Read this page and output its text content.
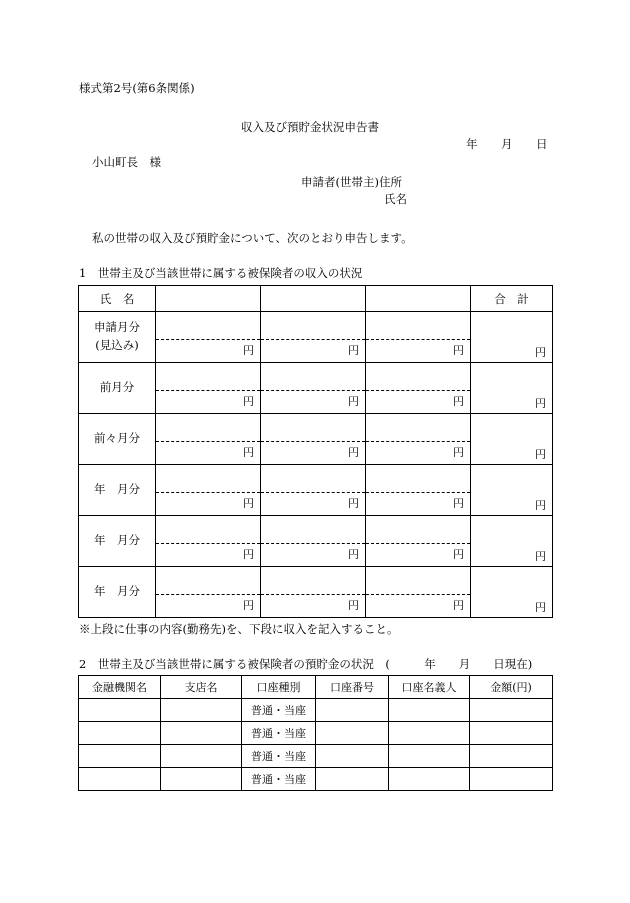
様式第2号(第6条関係)
収入及び預貯金状況申告書
年 月 日
小山町長　様
申請者(世帯主)住所
氏名
私の世帯の収入及び預貯金について、次のとおり申告します。
1　世帯主及び当該世帯に属する被保険者の収入の状況
氏　名				合　計
申請月分
(見込み)	円	円	円	円

前月分	円	円	円	円

前々月分	円	円	円	円

年　月分	円	円	円	円

年　月分	円	円	円	円

年　月分	円	円	円	円
※上段に仕事の内容(勤務先)を、下段に収入を記入すること。
2　世帯主及び当該世帯に属する被保険者の預貯金の状況　(　　　年　　月　　日現在)
金融機関名	支店名	口座種別	口座番号	口座名義人	金額(円)
		普通・当座			
		普通・当座			
		普通・当座			
		普通・当座			
